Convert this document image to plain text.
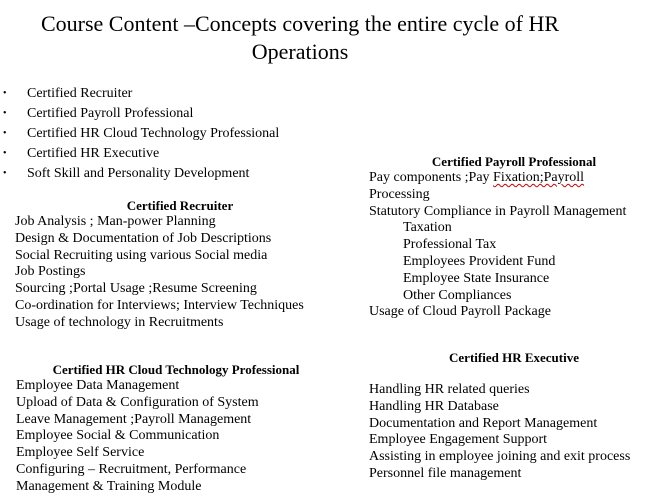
Course Content –Concepts covering the entire cycle of HR
Operations
• Certified Recruiter
• Certified Payroll Professional
• Certified HR Cloud Technology Professional
• Certified HR Executive
• Soft Skill and Personality Development
Certified Recruiter
Job Analysis ; Man-power Planning
Design & Documentation of Job Descriptions
Social Recruiting using various Social media
Job Postings
Sourcing ;Portal Usage ;Resume Screening
Co-ordination for Interviews; Interview Techniques
Usage of technology in Recruitments
Certified HR Cloud Technology Professional
Employee Data Management
Upload of Data & Configuration of System
Leave Management ;Payroll Management
Employee Social & Communication
Employee Self Service
Configuring – Recruitment, Performance
Management & Training Module
Certified Payroll Professional
Pay components ;Pay Fixation;Payroll
Processing
Statutory Compliance in Payroll Management
Taxation
Professional Tax
Employees Provident Fund
Employee State Insurance
Other Compliances
Usage of Cloud Payroll Package
Certified HR Executive
Handling HR related queries
Handling HR Database
Documentation and Report Management
Employee Engagement Support
Assisting in employee joining and exit process
Personnel file management
